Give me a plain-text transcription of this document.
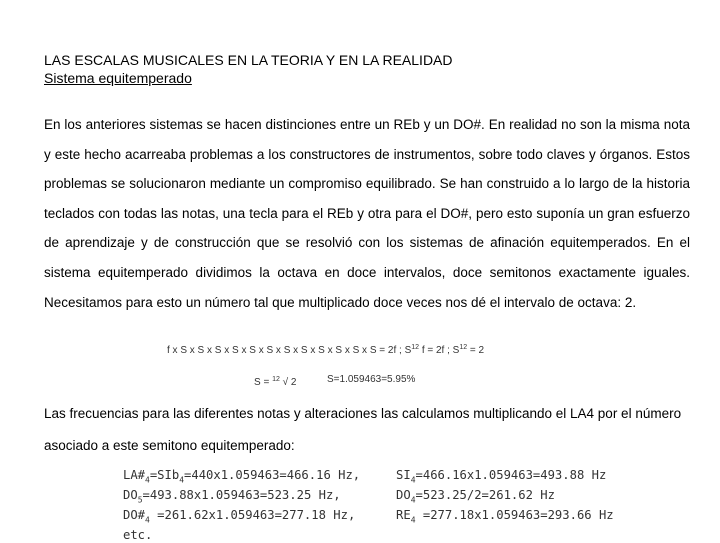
LAS ESCALAS MUSICALES EN LA TEORIA Y EN LA REALIDAD
Sistema equitemperado
En los anteriores sistemas se hacen distinciones entre un REb y un DO#. En realidad no son la misma nota y este hecho acarreaba problemas a los constructores de instrumentos, sobre todo claves y órganos. Estos problemas se solucionaron mediante un compromiso equilibrado. Se han construido a lo largo de la historia teclados con todas las notas, una tecla para el REb y otra para el DO#, pero esto suponía un gran esfuerzo de aprendizaje y de construcción que se resolvió con los sistemas de afinación equitemperados. En el sistema equitemperado dividimos la octava en doce intervalos, doce semitonos exactamente iguales. Necesitamos para esto un número tal que multiplicado doce veces nos dé el intervalo de octava: 2.
f x S x S x S x S x S x S x S x S x S x S x S x S = 2f ; $S^{12}$ f = 2f ; $S^{12} = 2$
S = $^{12}$ √ 2	S=1.059463=5.95%
Las frecuencias para las diferentes notas y alteraciones las calculamos multiplicando el LA4 por el número asociado a este semitono equitemperado:
$LA\#_4=SIb_4=440x1.059463=466.16$ Hz,
$DO_5=493.88x1.059463=523.25$ Hz,
$DO\#_4 =261.62x1.059463=277.18$ Hz,
etc.
$SI_4=466.16x1.059463=493.88$ Hz
$DO_4=523.25/2=261.62$ Hz
$RE_4 =277.18x1.059463=293.66$ Hz
